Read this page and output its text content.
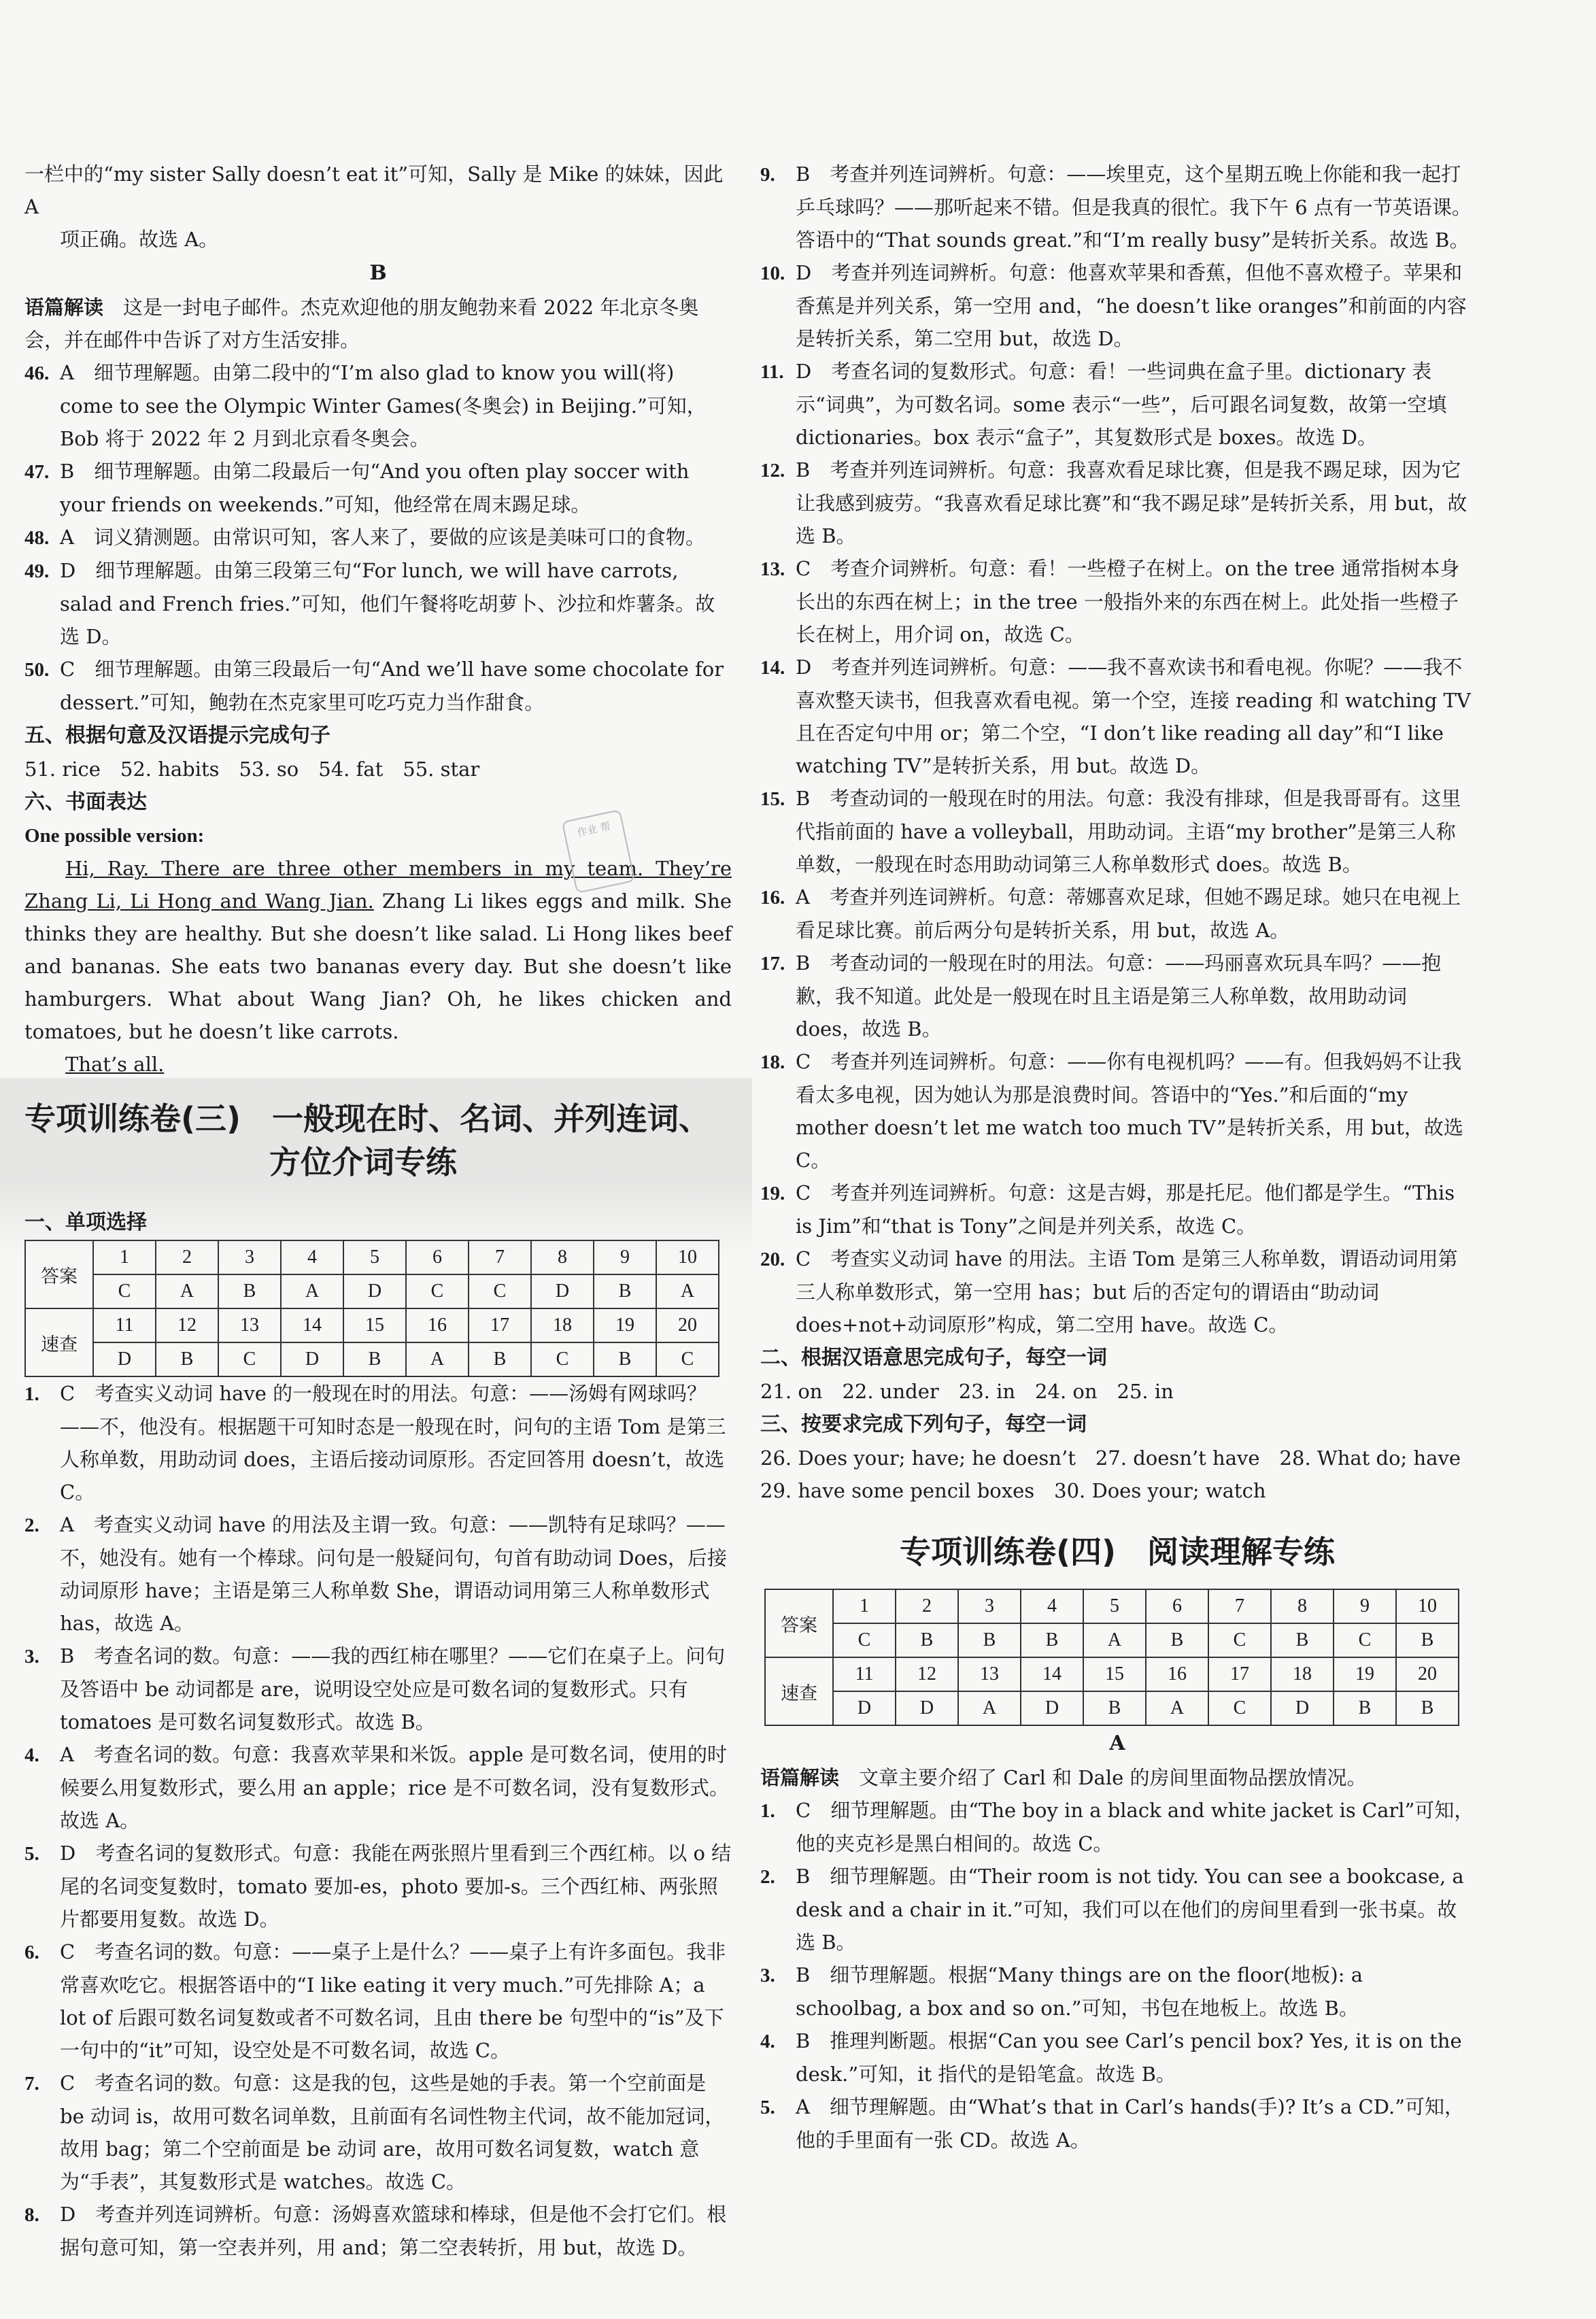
一栏中的“my sister Sally doesn’t eat it”可知，Sally 是 Mike 的妹妹，因此 A

项正确。故选 A。

B

语篇解读　 这是一封电子邮件。杰克欢迎他的朋友鲍勃来看 2022 年北京冬奥会，并在邮件中告诉了对方生活安排。

46. A　细节理解题。由第二段中的“I’m also glad to know you will(将) come to see the Olympic Winter Games(冬奥会) in Beijing.”可知，Bob 将于 2022 年 2 月到北京看冬奥会。

47. B　细节理解题。由第二段最后一句“And you often play soccer with your friends on weekends.”可知，他经常在周末踢足球。

48. A　词义猜测题。由常识可知，客人来了，要做的应该是美味可口的食物。

49. D　细节理解题。由第三段第三句“For lunch, we will have carrots, salad and French fries.”可知，他们午餐将吃胡萝卜、沙拉和炸薯条。故选 D。

50. C　细节理解题。由第三段最后一句“And we’ll have some chocolate for dessert.”可知，鲍勃在杰克家里可吃巧克力当作甜食。

五、根据句意及汉语提示完成句子

51. rice　52. habits　53. so　54. fat　55. star

作业 帮

六、书面表达

One possible version:

Hi, Ray. There are three other members in my team. They’re Zhang Li, Li Hong and Wang Jian. Zhang Li likes eggs and milk. She thinks they are healthy. But she doesn’t like salad. Li Hong likes beef and bananas. She eats two bananas every day. But she doesn’t like hamburgers. What about Wang Jian? Oh, he likes chicken and tomatoes, but he doesn’t like carrots.

That’s all.

专项训练卷(三)　一般现在时、名词、并列连词、

方位介词专练

一、单项选择

答案	1	2	3	4	5	6	7	8	9	10
	C	A	B	A	D	C	C	D	B	A
速查	11	12	13	14	15	16	17	18	19	20
	D	B	C	D	B	A	B	C	B	C

1. C　考查实义动词 have 的一般现在时的用法。句意：——汤姆有网球吗？——不，他没有。根据题干可知时态是一般现在时，问句的主语 Tom 是第三人称单数，用助动词 does，主语后接动词原形。否定回答用 doesn’t，故选 C。

2. A　考查实义动词 have 的用法及主谓一致。句意：——凯特有足球吗？——不，她没有。她有一个棒球。问句是一般疑问句，句首有助动词 Does，后接动词原形 have；主语是第三人称单数 She，谓语动词用第三人称单数形式 has，故选 A。

3. B　考查名词的数。句意：——我的西红柿在哪里？——它们在桌子上。问句及答语中 be 动词都是 are，说明设空处应是可数名词的复数形式。只有 tomatoes 是可数名词复数形式。故选 B。

4. A　考查名词的数。句意：我喜欢苹果和米饭。apple 是可数名词，使用的时候要么用复数形式，要么用 an apple；rice 是不可数名词，没有复数形式。故选 A。

5. D　考查名词的复数形式。句意：我能在两张照片里看到三个西红柿。以 o 结尾的名词变复数时，tomato 要加-es，photo 要加-s。三个西红柿、两张照片都要用复数。故选 D。

6. C　考查名词的数。句意：——桌子上是什么？——桌子上有许多面包。我非常喜欢吃它。根据答语中的“I like eating it very much.”可先排除 A；a lot of 后跟可数名词复数或者不可数名词，且由 there be 句型中的“is”及下一句中的“it”可知，设空处是不可数名词，故选 C。

7. C　考查名词的数。句意：这是我的包，这些是她的手表。第一个空前面是 be 动词 is，故用可数名词单数，且前面有名词性物主代词，故不能加冠词，故用 bag；第二个空前面是 be 动词 are，故用可数名词复数，watch 意为“手表”，其复数形式是 watches。故选 C。

8. D　考查并列连词辨析。句意：汤姆喜欢篮球和棒球，但是他不会打它们。根据句意可知，第一空表并列，用 and；第二空表转折，用 but，故选 D。

9. B　考查并列连词辨析。句意：——埃里克，这个星期五晚上你能和我一起打乒乓球吗？——那听起来不错。但是我真的很忙。我下午 6 点有一节英语课。答语中的“That sounds great.”和“I’m really busy”是转折关系。故选 B。

10. D　考查并列连词辨析。句意：他喜欢苹果和香蕉，但他不喜欢橙子。苹果和香蕉是并列关系，第一空用 and，“he doesn’t like oranges”和前面的内容是转折关系，第二空用 but，故选 D。

11. D　考查名词的复数形式。句意：看！一些词典在盒子里。dictionary 表示“词典”，为可数名词。some 表示“一些”，后可跟名词复数，故第一空填 dictionaries。box 表示“盒子”，其复数形式是 boxes。故选 D。

12. B　考查并列连词辨析。句意：我喜欢看足球比赛，但是我不踢足球，因为它让我感到疲劳。“我喜欢看足球比赛”和“我不踢足球”是转折关系，用 but，故选 B。

13. C　考查介词辨析。句意：看！一些橙子在树上。on the tree 通常指树本身长出的东西在树上；in the tree 一般指外来的东西在树上。此处指一些橙子长在树上，用介词 on，故选 C。

14. D　考查并列连词辨析。句意：——我不喜欢读书和看电视。你呢？——我不喜欢整天读书，但我喜欢看电视。第一个空，连接 reading 和 watching TV 且在否定句中用 or；第二个空，“I don’t like reading all day”和“I like watching TV”是转折关系，用 but。故选 D。

15. B　考查动词的一般现在时的用法。句意：我没有排球，但是我哥哥有。这里代指前面的 have a volleyball，用助动词。主语“my brother”是第三人称单数，一般现在时态用助动词第三人称单数形式 does。故选 B。

16. A　考查并列连词辨析。句意：蒂娜喜欢足球，但她不踢足球。她只在电视上看足球比赛。前后两分句是转折关系，用 but，故选 A。

17. B　考查动词的一般现在时的用法。句意：——玛丽喜欢玩具车吗？——抱歉，我不知道。此处是一般现在时且主语是第三人称单数，故用助动词 does，故选 B。

18. C　考查并列连词辨析。句意：——你有电视机吗？——有。但我妈妈不让我看太多电视，因为她认为那是浪费时间。答语中的“Yes.”和后面的“my mother doesn’t let me watch too much TV”是转折关系，用 but，故选 C。

19. C　考查并列连词辨析。句意：这是吉姆，那是托尼。他们都是学生。“This is Jim”和“that is Tony”之间是并列关系，故选 C。

20. C　考查实义动词 have 的用法。主语 Tom 是第三人称单数，谓语动词用第三人称单数形式，第一空用 has；but 后的否定句的谓语由“助动词 does+not+动词原形”构成，第二空用 have。故选 C。

二、根据汉语意思完成句子，每空一词

21. on　22. under　23. in　24. on　25. in

三、按要求完成下列句子，每空一词

26. Does your; have; he doesn’t　27. doesn’t have　28. What do; have

29. have some pencil boxes　30. Does your; watch

专项训练卷(四)　阅读理解专练

答案	1	2	3	4	5	6	7	8	9	10
	C	B	B	B	A	B	C	B	C	B
速查	11	12	13	14	15	16	17	18	19	20
	D	D	A	D	B	A	C	D	B	B

A

语篇解读　 文章主要介绍了 Carl 和 Dale 的房间里面物品摆放情况。

1. C　细节理解题。由“The boy in a black and white jacket is Carl”可知，他的夹克衫是黑白相间的。故选 C。

2. B　细节理解题。由“Their room is not tidy. You can see a bookcase, a desk and a chair in it.”可知，我们可以在他们的房间里看到一张书桌。故选 B。

3. B　细节理解题。根据“Many things are on the floor(地板): a schoolbag, a box and so on.”可知，书包在地板上。故选 B。

4. B　推理判断题。根据“Can you see Carl’s pencil box? Yes, it is on the desk.”可知，it 指代的是铅笔盒。故选 B。

5. A　细节理解题。由“What’s that in Carl’s hands(手)? It’s a CD.”可知，他的手里面有一张 CD。故选 A。
